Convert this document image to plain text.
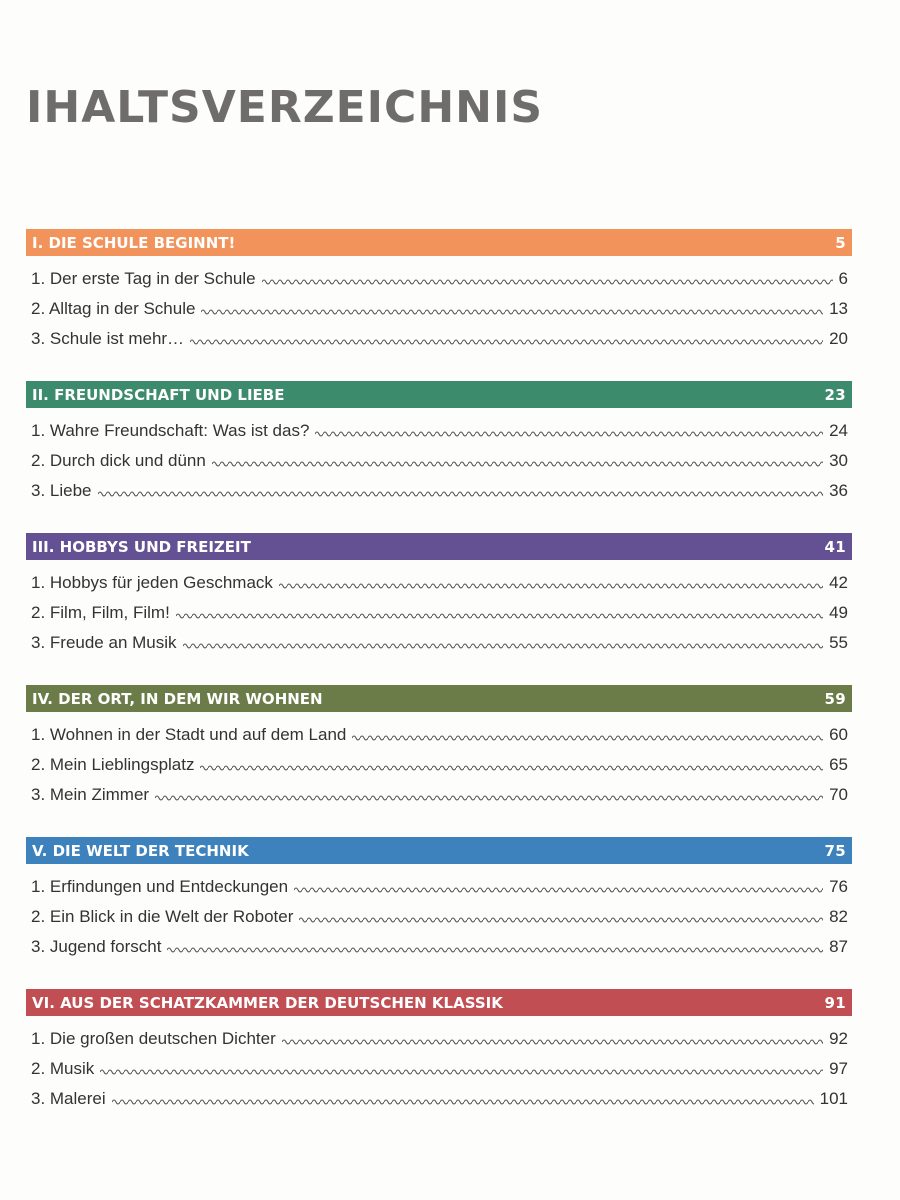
IHALTSVERZEICHNIS
I. DIE SCHULE BEGINNT!	5
1. Der erste Tag in der Schule	6
2. Alltag in der Schule	13
3. Schule ist mehr…	20
II. FREUNDSCHAFT UND LIEBE	23
1. Wahre Freundschaft: Was ist das?	24
2. Durch dick und dünn	30
3. Liebe	36
III. HOBBYS UND FREIZEIT	41
1. Hobbys für jeden Geschmack	42
2. Film, Film, Film!	49
3. Freude an Musik	55
IV. DER ORT, IN DEM WIR WOHNEN	59
1. Wohnen in der Stadt und auf dem Land	60
2. Mein Lieblingsplatz	65
3. Mein Zimmer	70
V. DIE WELT DER TECHNIK	75
1. Erfindungen und Entdeckungen	76
2. Ein Blick in die Welt der Roboter	82
3. Jugend forscht	87
VI. AUS DER SCHATZKAMMER DER DEUTSCHEN KLASSIK	91
1. Die großen deutschen Dichter	92
2. Musik	97
3. Malerei	101
